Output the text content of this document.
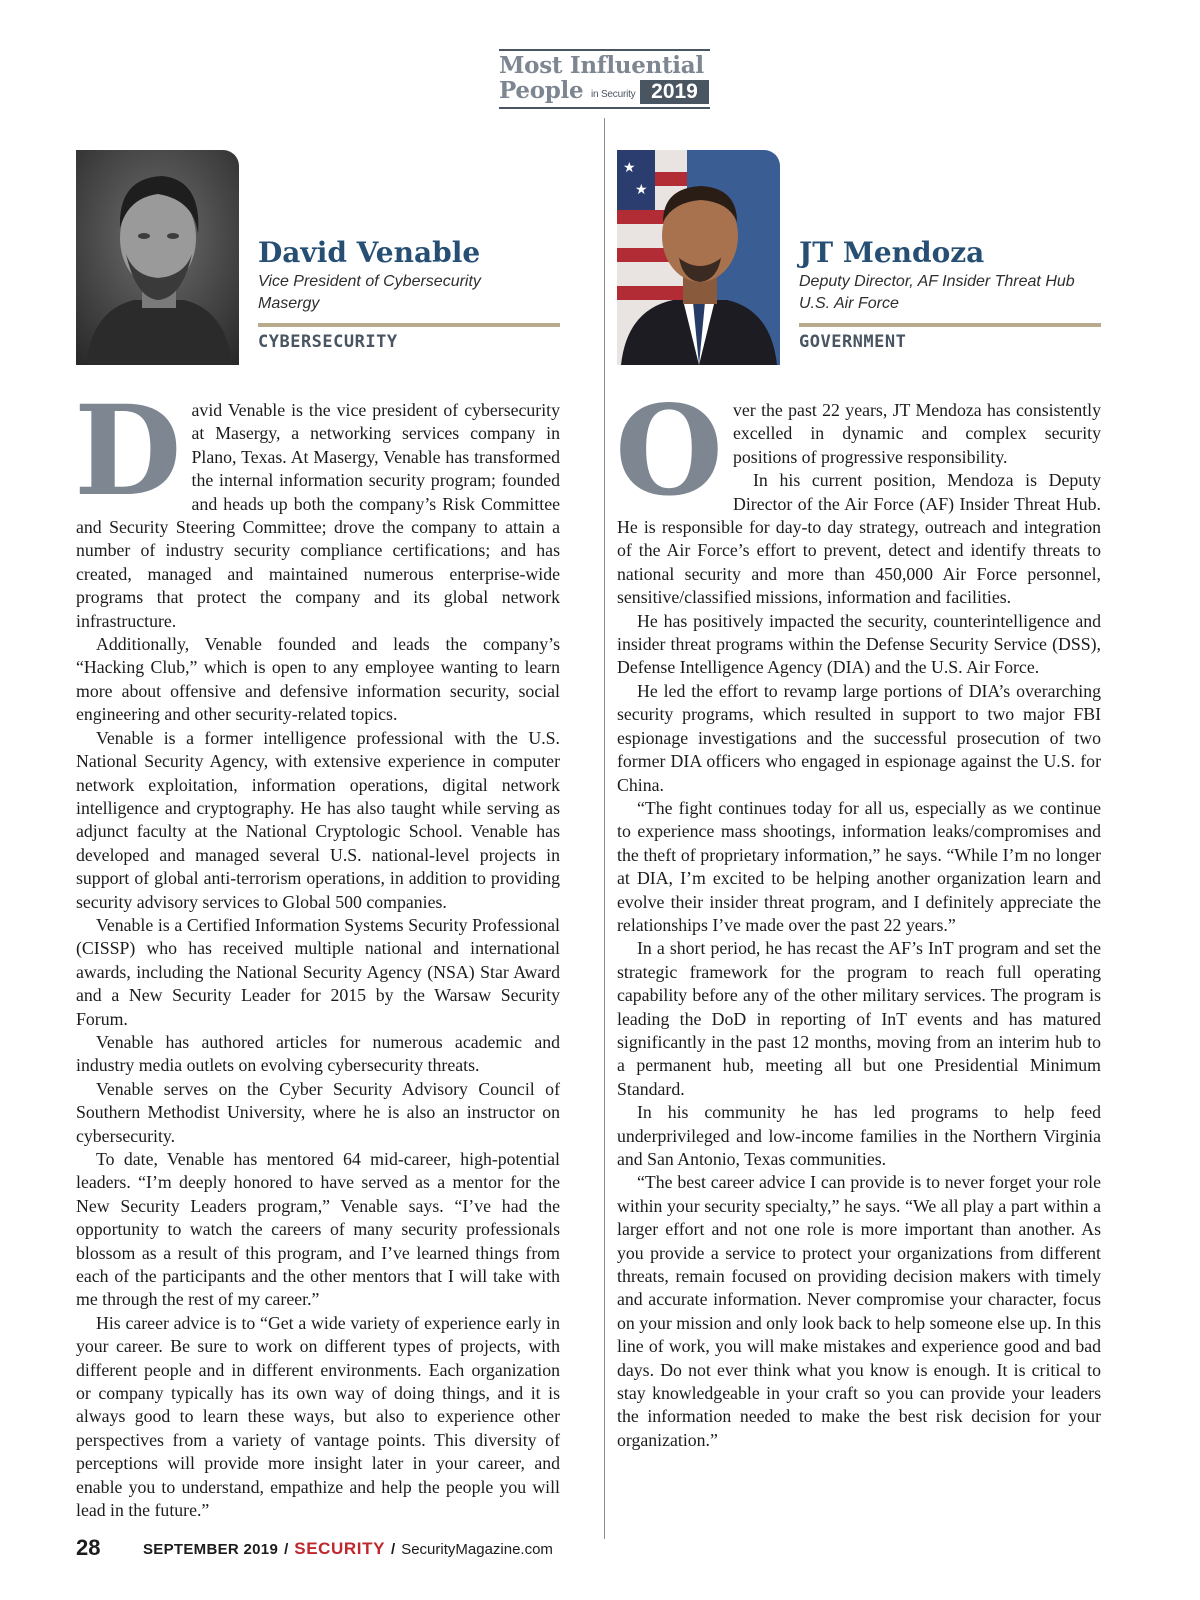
Most Influential
People in Security 2019
David Venable
Vice President of Cybersecurity
Masergy
CYBERSECURITY
★
★
JT Mendoza
Deputy Director, AF Insider Threat Hub
U.S. Air Force
GOVERNMENT

David Venable is the vice president of cybersecurity at Masergy, a networking services company in Plano, Texas. At Masergy, Venable has transformed the internal information security program; founded and heads up both the company’s Risk Committee and Security Steering Committee; drove the company to attain a number of industry security compliance certifications; and has created, managed and maintained numerous enterprise-wide programs that protect the company and its global network infrastructure.

Additionally, Venable founded and leads the company’s “Hacking Club,” which is open to any employee wanting to learn more about offensive and defensive information security, social engineering and other security-related topics.

Venable is a former intelligence professional with the U.S. National Security Agency, with extensive experience in computer network exploitation, information operations, digital network intelligence and cryptography. He has also taught while serving as adjunct faculty at the National Cryptologic School. Venable has developed and managed several U.S. national-level projects in support of global anti-terrorism operations, in addition to providing security advisory services to Global 500 companies.

Venable is a Certified Information Systems Security Professional (CISSP) who has received multiple national and international awards, including the National Security Agency (NSA) Star Award and a New Security Leader for 2015 by the Warsaw Security Forum.

Venable has authored articles for numerous academic and industry media outlets on evolving cybersecurity threats.

Venable serves on the Cyber Security Advisory Council of Southern Methodist University, where he is also an instructor on cybersecurity.

To date, Venable has mentored 64 mid-career, high-potential leaders. “I’m deeply honored to have served as a mentor for the New Security Leaders program,” Venable says. “I’ve had the opportunity to watch the careers of many security professionals blossom as a result of this program, and I’ve learned things from each of the participants and the other mentors that I will take with me through the rest of my career.”

His career advice is to “Get a wide variety of experience early in your career. Be sure to work on different types of projects, with different people and in different environments. Each organization or company typically has its own way of doing things, and it is always good to learn these ways, but also to experience other perspectives from a variety of vantage points. This diversity of perceptions will provide more insight later in your career, and enable you to understand, empathize and help the people you will lead in the future.”

Over the past 22 years, JT Mendoza has consistently excelled in dynamic and complex security positions of progressive responsibility.

In his current position, Mendoza is Deputy Director of the Air Force (AF) Insider Threat Hub. He is responsible for day-to day strategy, outreach and integration of the Air Force’s effort to prevent, detect and identify threats to national security and more than 450,000 Air Force personnel, sensitive/classified missions, information and facilities.

He has positively impacted the security, counterintelligence and insider threat programs within the Defense Security Service (DSS), Defense Intelligence Agency (DIA) and the U.S. Air Force.

He led the effort to revamp large portions of DIA’s overarching security programs, which resulted in support to two major FBI espionage investigations and the successful prosecution of two former DIA officers who engaged in espionage against the U.S. for China.

“The fight continues today for all us, especially as we continue to experience mass shootings, information leaks/compromises and the theft of proprietary information,” he says. “While I’m no longer at DIA, I’m excited to be helping another organization learn and evolve their insider threat program, and I definitely appreciate the relationships I’ve made over the past 22 years.”

In a short period, he has recast the AF’s InT program and set the strategic framework for the program to reach full operating capability before any of the other military services. The program is leading the DoD in reporting of InT events and has matured significantly in the past 12 months, moving from an interim hub to a permanent hub, meeting all but one Presidential Minimum Standard.

In his community he has led programs to help feed underprivileged and low-income families in the Northern Virginia and San Antonio, Texas communities.

“The best career advice I can provide is to never forget your role within your security specialty,” he says. “We all play a part within a larger effort and not one role is more important than another. As you provide a service to protect your organizations from different threats, remain focused on providing decision makers with timely and accurate information. Never compromise your character, focus on your mission and only look back to help someone else up. In this line of work, you will make mistakes and experience good and bad days. Do not ever think what you know is enough. It is critical to stay knowledgeable in your craft so you can provide your leaders the information needed to make the best risk decision for your organization.”

28	SEPTEMBER 2019 / SECURITY / SecurityMagazine.com
